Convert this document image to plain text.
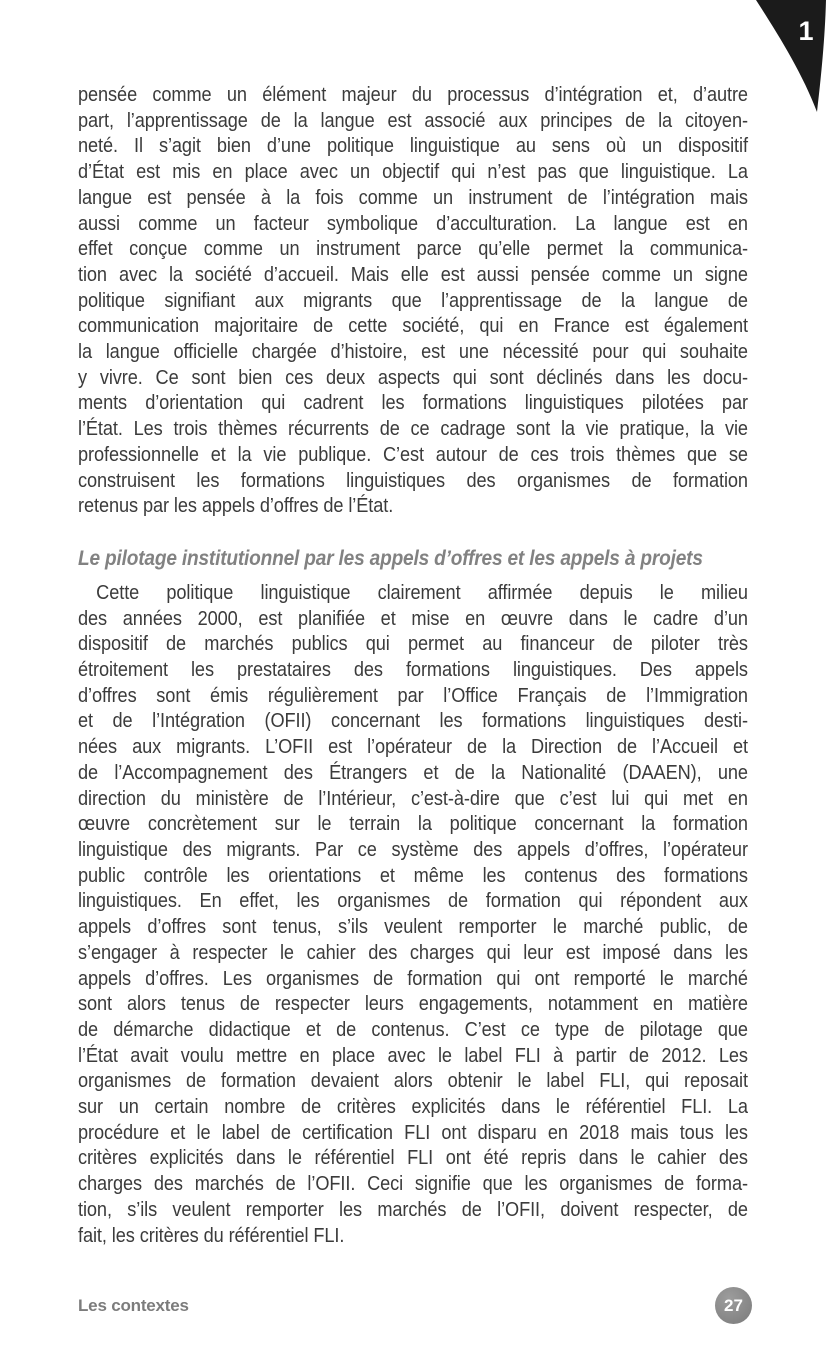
1
pensée comme un élément majeur du processus d’intégration et, d’autre
part, l’apprentissage de la langue est associé aux principes de la citoyen-
neté. Il s’agit bien d’une politique linguistique au sens où un dispositif
d’État est mis en place avec un objectif qui n’est pas que linguistique. La
langue est pensée à la fois comme un instrument de l’intégration mais
aussi comme un facteur symbolique d’acculturation. La langue est en
effet conçue comme un instrument parce qu’elle permet la communica-
tion avec la société d’accueil. Mais elle est aussi pensée comme un signe
politique signifiant aux migrants que l’apprentissage de la langue de
communication majoritaire de cette société, qui en France est également
la langue officielle chargée d’histoire, est une nécessité pour qui souhaite
y vivre. Ce sont bien ces deux aspects qui sont déclinés dans les docu-
ments d’orientation qui cadrent les formations linguistiques pilotées par
l’État. Les trois thèmes récurrents de ce cadrage sont la vie pratique, la vie
professionnelle et la vie publique. C’est autour de ces trois thèmes que se
construisent les formations linguistiques des organismes de formation
retenus par les appels d’offres de l’État.
Le pilotage institutionnel par les appels d’offres et les appels à projets
Cette politique linguistique clairement affirmée depuis le milieu
des années 2000, est planifiée et mise en œuvre dans le cadre d’un
dispositif de marchés publics qui permet au financeur de piloter très
étroitement les prestataires des formations linguistiques. Des appels
d’offres sont émis régulièrement par l’Office Français de l’Immigration
et de l’Intégration (OFII) concernant les formations linguistiques desti-
nées aux migrants. L’OFII est l’opérateur de la Direction de l’Accueil et
de l’Accompagnement des Étrangers et de la Nationalité (DAAEN), une
direction du ministère de l’Intérieur, c’est-à-dire que c’est lui qui met en
œuvre concrètement sur le terrain la politique concernant la formation
linguistique des migrants. Par ce système des appels d’offres, l’opérateur
public contrôle les orientations et même les contenus des formations
linguistiques. En effet, les organismes de formation qui répondent aux
appels d’offres sont tenus, s’ils veulent remporter le marché public, de
s’engager à respecter le cahier des charges qui leur est imposé dans les
appels d’offres. Les organismes de formation qui ont remporté le marché
sont alors tenus de respecter leurs engagements, notamment en matière
de démarche didactique et de contenus. C’est ce type de pilotage que
l’État avait voulu mettre en place avec le label FLI à partir de 2012. Les
organismes de formation devaient alors obtenir le label FLI, qui reposait
sur un certain nombre de critères explicités dans le référentiel FLI. La
procédure et le label de certification FLI ont disparu en 2018 mais tous les
critères explicités dans le référentiel FLI ont été repris dans le cahier des
charges des marchés de l’OFII. Ceci signifie que les organismes de forma-
tion, s’ils veulent remporter les marchés de l’OFII, doivent respecter, de
fait, les critères du référentiel FLI.
Les contextes	27
